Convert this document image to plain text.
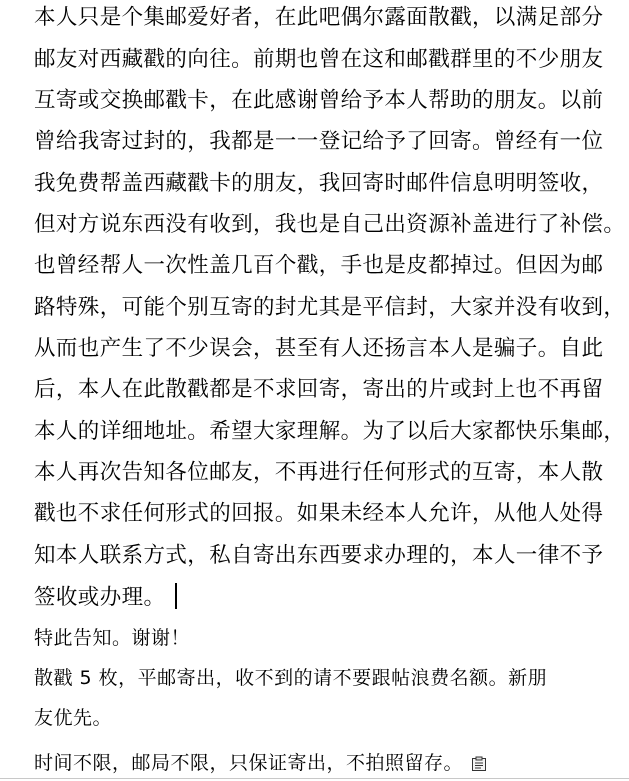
本人只是个集邮爱好者，在此吧偶尔露面散戳，以满足部分
邮友对西藏戳的向往。前期也曾在这和邮戳群里的不少朋友
互寄或交换邮戳卡，在此感谢曾给予本人帮助的朋友。以前
曾给我寄过封的，我都是一一登记给予了回寄。曾经有一位
我免费帮盖西藏戳卡的朋友，我回寄时邮件信息明明签收，
但对方说东西没有收到，我也是自己出资源补盖进行了补偿。
也曾经帮人一次性盖几百个戳，手也是皮都掉过。但因为邮
路特殊，可能个别互寄的封尤其是平信封，大家并没有收到，
从而也产生了不少误会，甚至有人还扬言本人是骗子。自此
后，本人在此散戳都是不求回寄，寄出的片或封上也不再留
本人的详细地址。希望大家理解。为了以后大家都快乐集邮，
本人再次告知各位邮友，不再进行任何形式的互寄，本人散
戳也不求任何形式的回报。如果未经本人允许，从他人处得
知本人联系方式，私自寄出东西要求办理的，本人一律不予
签收或办理。
特此告知。谢谢！
散戳 5 枚，平邮寄出，收不到的请不要跟帖浪费名额。新朋
友优先。
时间不限，邮局不限，只保证寄出，不拍照留存。
